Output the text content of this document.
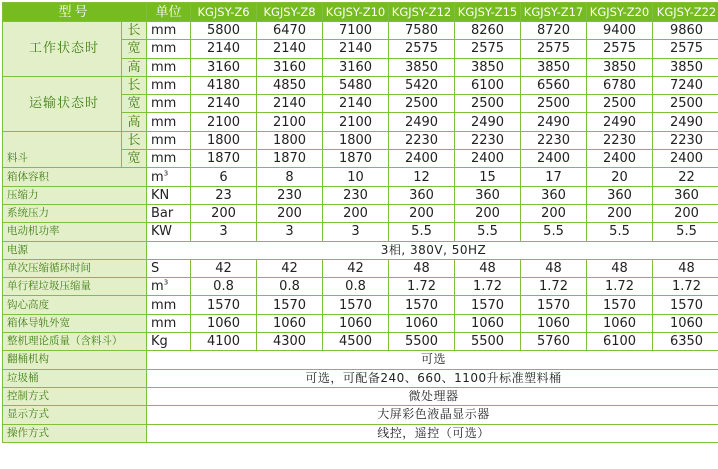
型号		单位	KGJSY-Z6	KGJSY-Z8	KGJSY-Z10	KGJSY-Z12	KGJSY-Z15	KGJSY-Z17	KGJSY-Z20	KGJSY-Z22
工作状态时	长	mm	5800	6470	7100	7580	8260	8720	9400	9860
	宽	mm	2140	2140	2140	2575	2575	2575	2575	2575
	高	mm	3160	3160	3160	3850	3850	3850	3850	3850
运输状态时	长	mm	4180	4850	5480	5420	6100	6560	6780	7240
	宽	mm	2140	2140	2140	2500	2500	2500	2500	2500
	高	mm	2100	2100	2100	2490	2490	2490	2490	2490
料斗	长	mm	1800	1800	1800	2230	2230	2230	2230	2230
	宽	mm	1870	1870	1870	2400	2400	2400	2400	2400
箱体容积		$m^3$	6	8	10	12	15	17	20	22
压缩力		KN	23	230	230	360	360	360	360	360
系统压力		Bar	200	200	200	200	200	200	200	200
电动机功率		KW	3	3	3	5.5	5.5	5.5	5.5	5.5
电源		3相, 380V, 50HZ								
单次压缩循环时间		S	42	42	42	48	48	48	48	48
单行程垃圾压缩量		$m^3$	0.8	0.8	0.8	1.72	1.72	1.72	1.72	1.72
钩心高度		mm	1570	1570	1570	1570	1570	1570	1570	1570
箱体导轨外宽		mm	1060	1060	1060	1060	1060	1060	1060	1060
整机理论质量（含料斗）		Kg	4100	4300	4500	5500	5500	5760	6100	6350
翻桶机构		可选								
垃圾桶		可选，可配备240、660、1100升标准塑料桶								
控制方式		微处理器								
显示方式		大屏彩色液晶显示器								
操作方式		线控，遥控（可选）								
